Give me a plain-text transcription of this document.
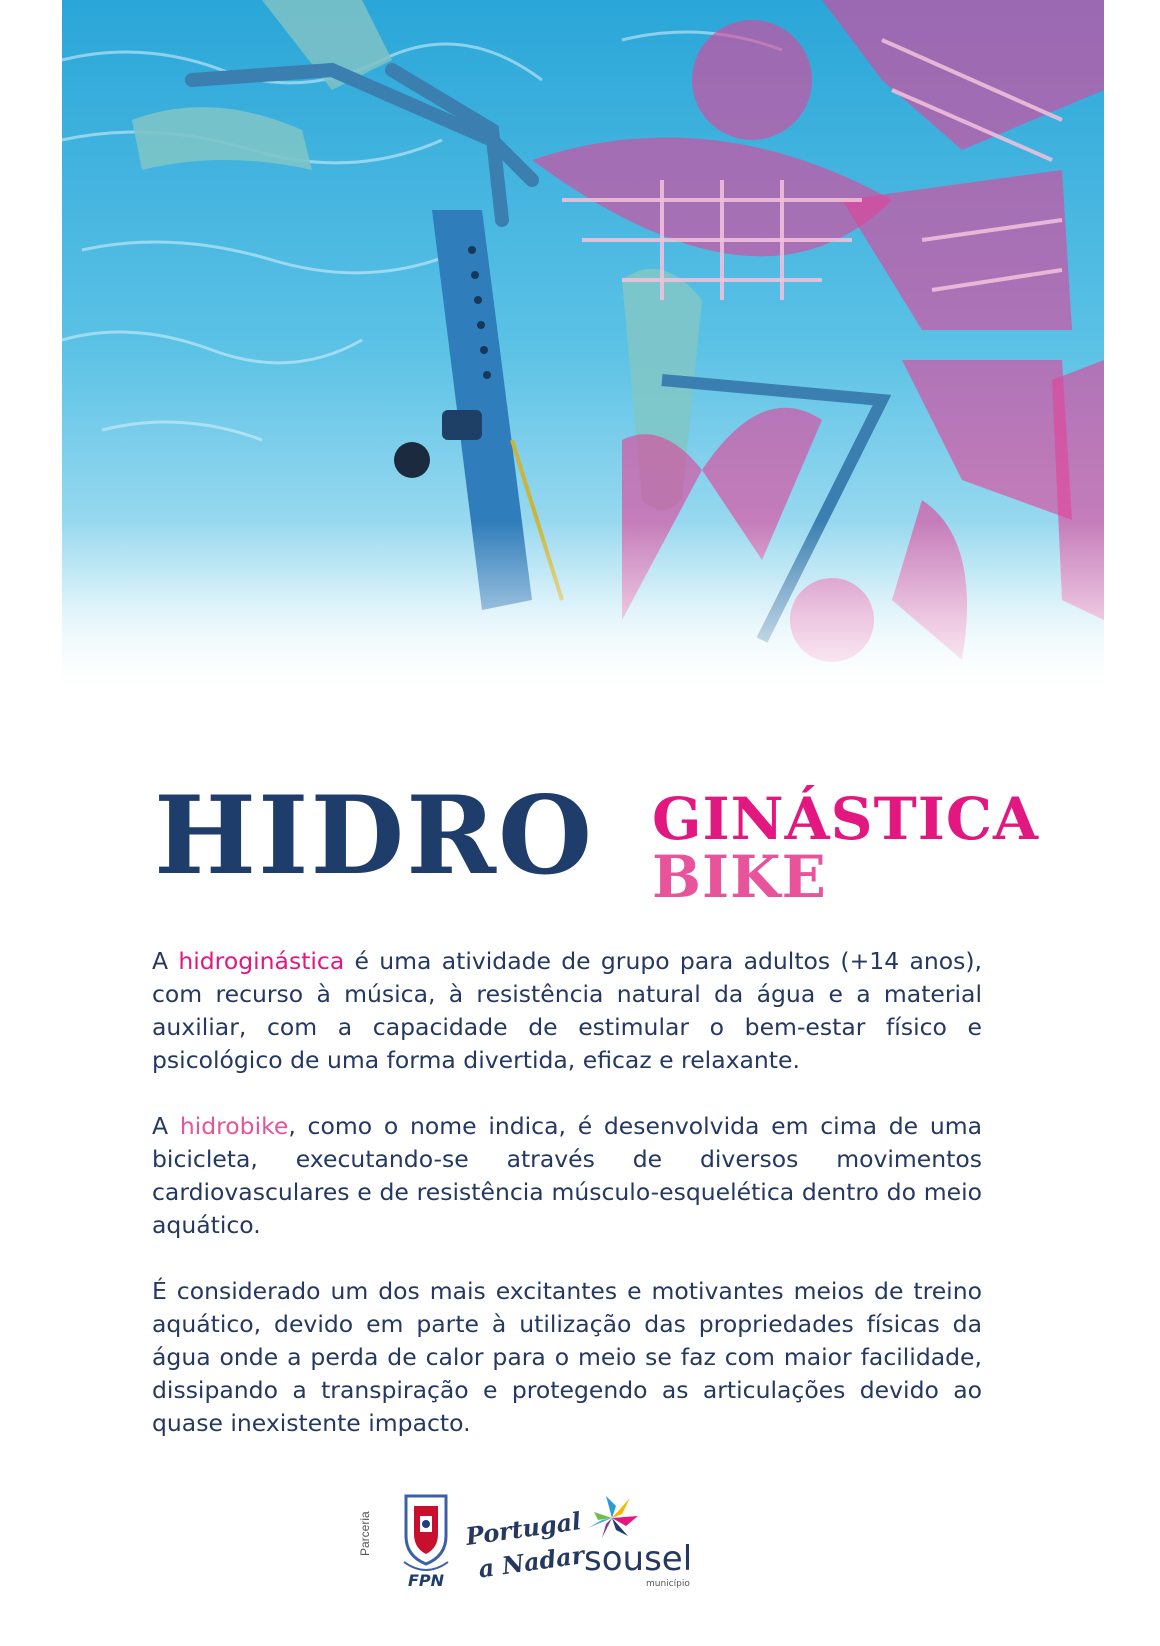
HIDRO GINÁSTICA
BIKE

A hidroginástica é uma atividade de grupo para adultos (+14 anos), com recurso à música, à resistência natural da água e a material auxiliar, com a capacidade de estimular o bem-estar físico e psicológico de uma forma divertida, eficaz e relaxante.

A hidrobike, como o nome indica, é desenvolvida em cima de uma bicicleta, executando-se através de diversos movimentos cardiovasculares e de resistência músculo-esquelética dentro do meio aquático.

É considerado um dos mais excitantes e motivantes meios de treino aquático, devido em parte à utilização das propriedades físicas da água onde a perda de calor para o meio se faz com maior facilidade, dissipando a transpiração e protegendo as articulações devido ao quase inexistente impacto.

Parceria
FPN
Portugal
a Nadar
sousel
município
